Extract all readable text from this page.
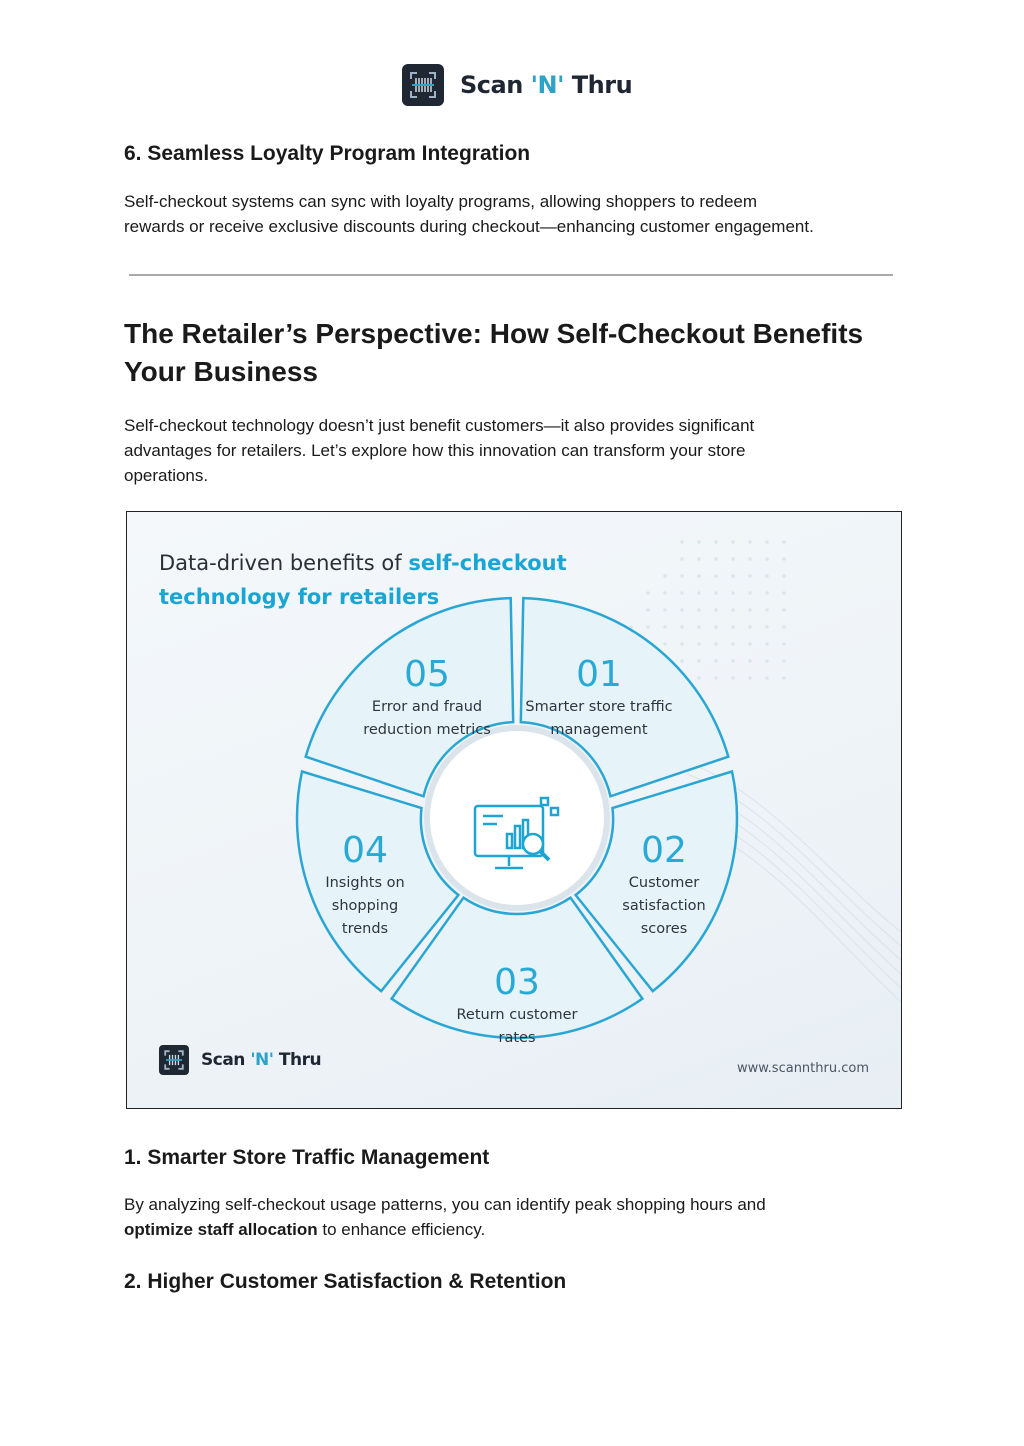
Scan 'N' Thru
6. Seamless Loyalty Program Integration

Self-checkout systems can sync with loyalty programs, allowing shoppers to redeem

rewards or receive exclusive discounts during checkout—enhancing customer engagement.

The Retailer’s Perspective: How Self-Checkout Benefits
Your Business

Self-checkout technology doesn’t just benefit customers—it also provides significant

advantages for retailers. Let’s explore how this innovation can transform your store

operations.

Data-driven benefits of self-checkout
technology for retailers
01
Smarter store traffic
management
02
Customer
satisfaction
scores
03
Return customer
rates
04
Insights on
shopping
trends
05
Error and fraud
reduction metrics
Scan 'N' Thru	www.scannthru.com
1. Smarter Store Traffic Management

By analyzing self-checkout usage patterns, you can identify peak shopping hours and

optimize staff allocation to enhance efficiency.

2. Higher Customer Satisfaction & Retention
